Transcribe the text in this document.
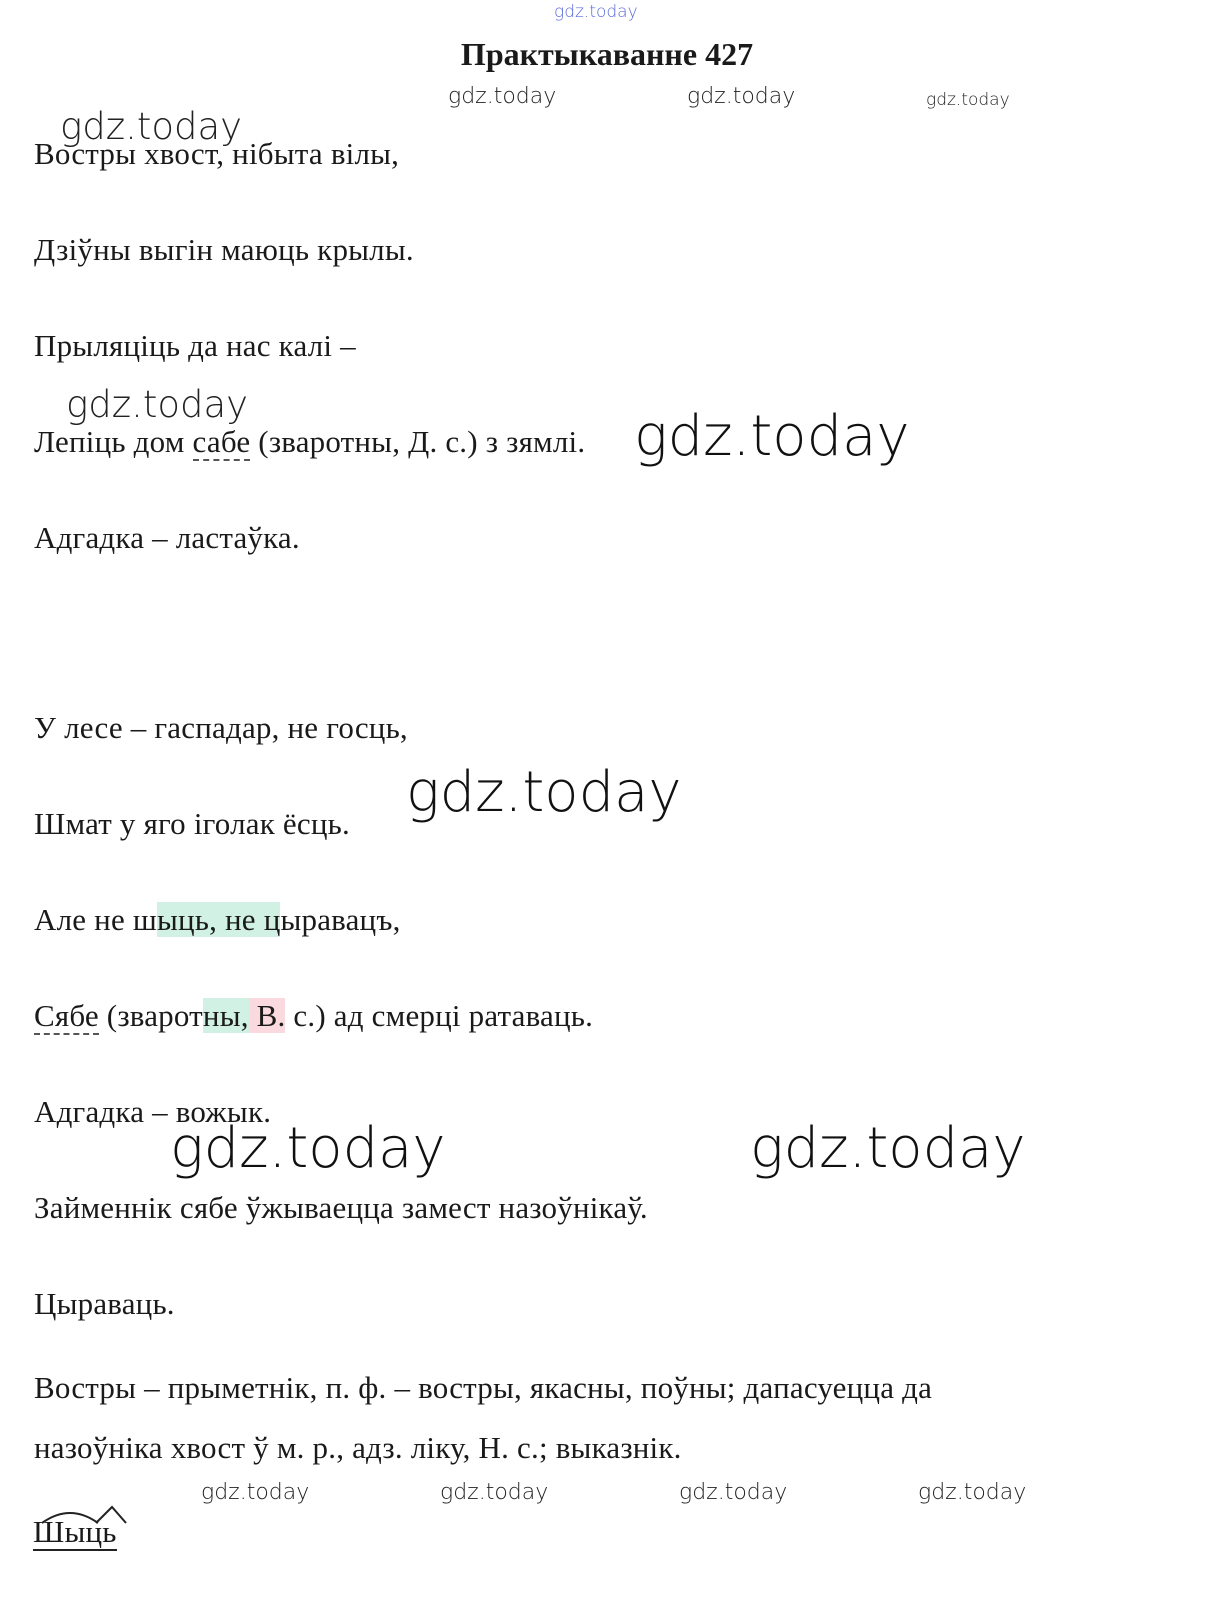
gdz.today
Практыкаванне 427
gdz.today	gdz.today	gdz.today
gdz.today
Востры хвост, нібыта вілы,
Дзіўны выгін маюць крылы.
Прыляціць да нас калі –
gdz.today
Лепіць дом сабе (зваротны, Д. с.) з зямлі. gdz.today
Адгадка – ластаўка.
У лесе – гаспадар, не госць,
gdz.today
Шмат у яго іголак ёсць.
Але не шыць, не цыравацъ,
Сябе (зваротны, В. с.) ад смерці ратаваць.
Адгадка – вожык.
gdz.today	gdz.today
Займеннік сябе ўжываецца замест назоўнікаў.
Цыраваць.
Востры – прыметнік, п. ф. – востры, якасны, поўны; дапасуецца да
назоўніка хвост ў м. р., адз. ліку, Н. с.; выказнік.
gdz.today	gdz.today	gdz.today	gdz.today
Шыць
